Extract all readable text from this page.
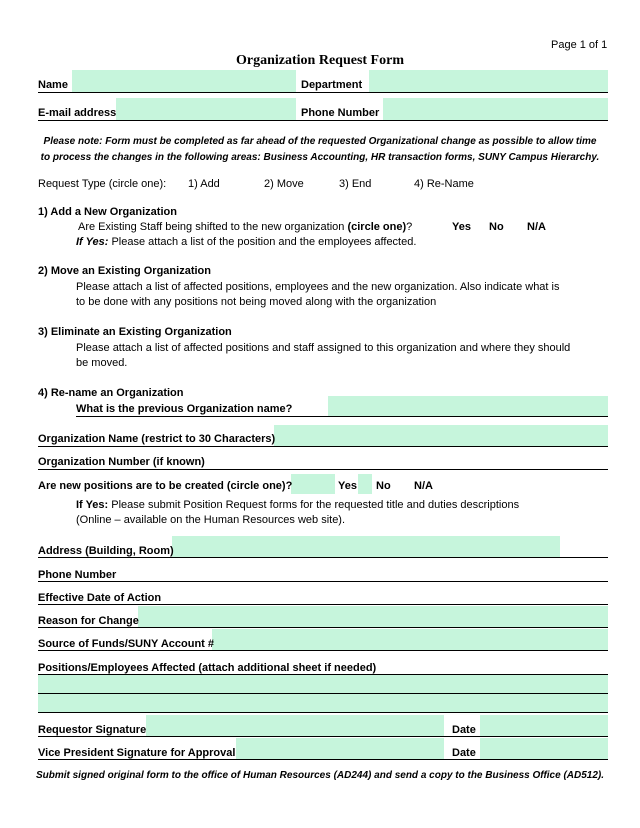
Page 1 of 1
Organization Request Form
Name	Department
E-mail address	Phone Number
Please note: Form must be completed as far ahead of the requested Organizational change as possible to allow time
to process the changes in the following areas: Business Accounting, HR transaction forms, SUNY Campus Hierarchy.
Request Type (circle one): 1) Add	2) Move	3) End	4) Re-Name
1) Add a New Organization
Are Existing Staff being shifted to the new organization (circle one)?	Yes No N/A
If Yes: Please attach a list of the position and the employees affected.
2) Move an Existing Organization
Please attach a list of affected positions, employees and the new organization. Also indicate what is
to be done with any positions not being moved along with the organization
3) Eliminate an Existing Organization
Please attach a list of affected positions and staff assigned to this organization and where they should
be moved.
4) Re-name an Organization
What is the previous Organization name?
Organization Name (restrict to 30 Characters)
Organization Number (if known)
Are new positions are to be created (circle one)?	Yes No N/A
If Yes: Please submit Position Request forms for the requested title and duties descriptions
(Online – available on the Human Resources web site).
Address (Building, Room)
Phone Number
Effective Date of Action
Reason for Change
Source of Funds/SUNY Account #
Positions/Employees Affected (attach additional sheet if needed)
Requestor Signature	Date
Vice President Signature for Approval	Date
Submit signed original form to the office of Human Resources (AD244) and send a copy to the Business Office (AD512).
